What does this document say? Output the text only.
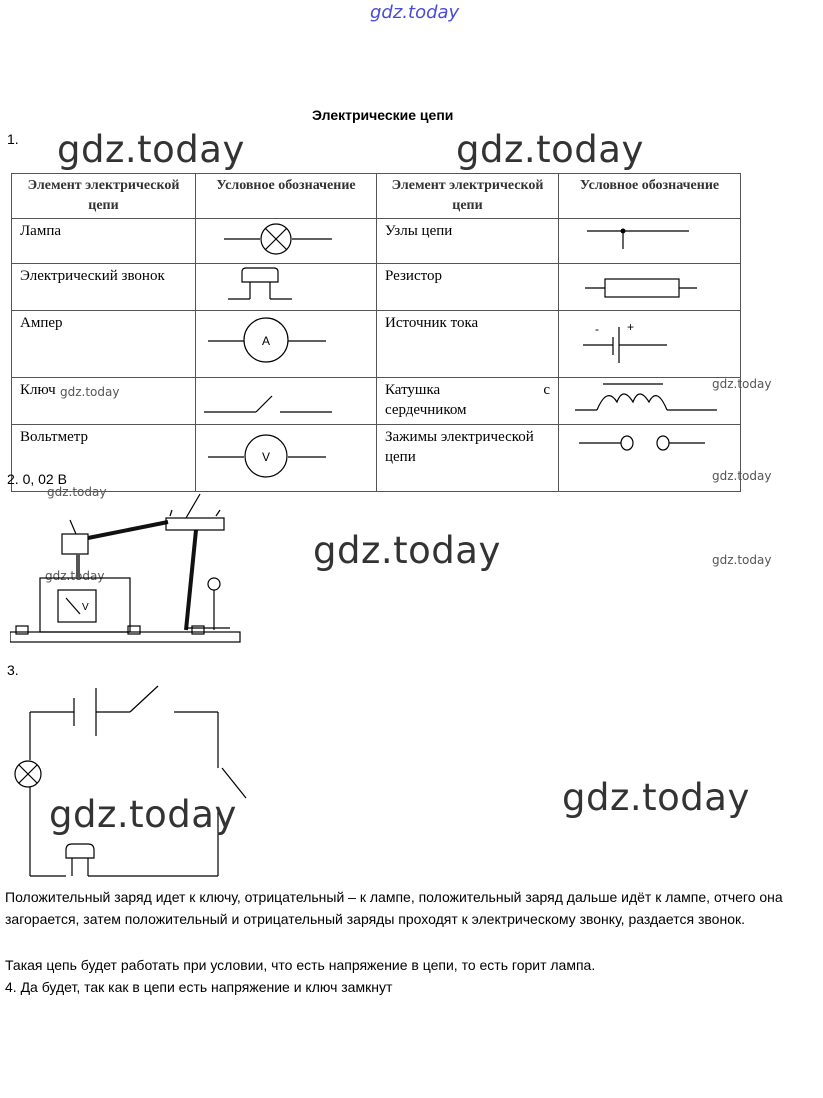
gdz.today
Электрические цепи
1. gdz.today	gdz.today
Элемент электрической цепи	Условное обозначение	Элемент электрической цепи	Условное обозначение
Лампа		Узлы цепи	
Электрический звонок		Резистор	
Ампер	A	Источник тока	- +

Ключ		Катушка с
сердечником

Вольтметр	V	Зажимы электрической цепи	
gdz.today
gdz.today
gdz.today
gdz.today
gdz.today
gdz.today
2. 0, 02 В
V
gdz.today
3.
gdz.today
gdz.today
Положительный заряд идет к ключу, отрицательный – к лампе, положительный заряд дальше идёт к лампе, отчего она загорается, затем положительный и отрицательный заряды проходят к электрическому звонку, раздается звонок.
Такая цепь будет работать при условии, что есть напряжение в цепи, то есть горит лампа.
4. Да будет, так как в цепи есть напряжение и ключ замкнут
